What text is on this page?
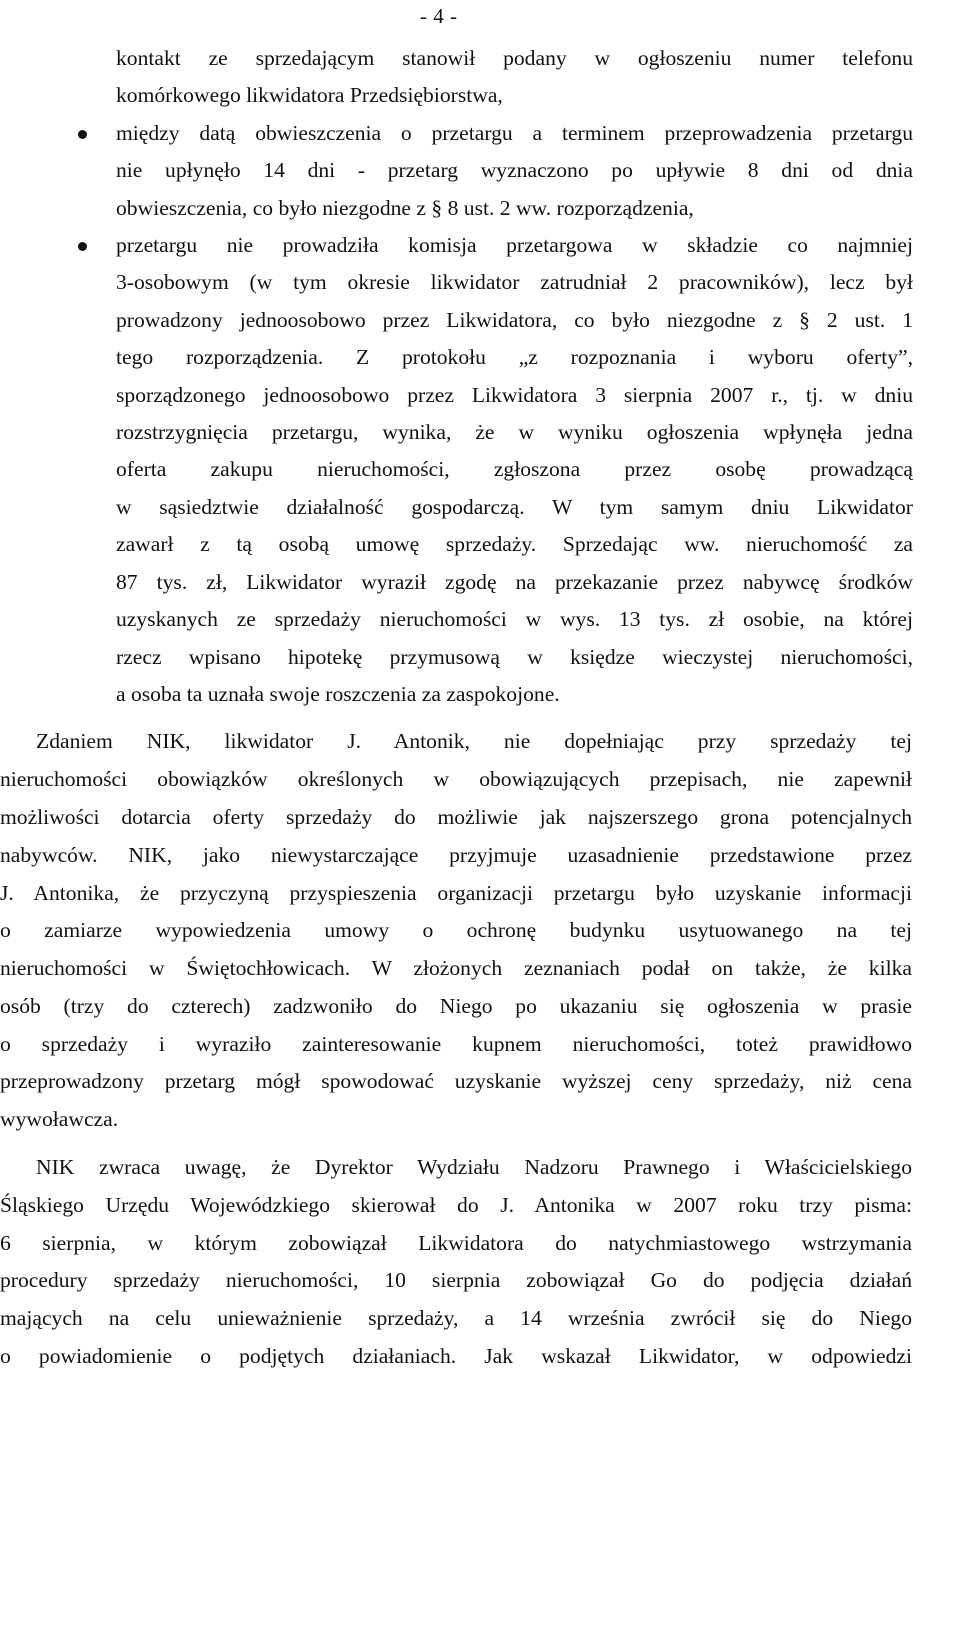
- 4 -
kontakt ze sprzedającym stanowił podany w ogłoszeniu numer telefonu
komórkowego likwidatora Przedsiębiorstwa,
między datą obwieszczenia o przetargu a terminem przeprowadzenia przetargu
nie upłynęło 14 dni - przetarg wyznaczono po upływie 8 dni od dnia
obwieszczenia, co było niezgodne z § 8 ust. 2 ww. rozporządzenia,
przetargu nie prowadziła komisja przetargowa w składzie co najmniej
3-osobowym (w tym okresie likwidator zatrudniał 2 pracowników), lecz był
prowadzony jednoosobowo przez Likwidatora, co było niezgodne z § 2 ust. 1
tego rozporządzenia. Z protokołu „z rozpoznania i wyboru oferty”,
sporządzonego jednoosobowo przez Likwidatora 3 sierpnia 2007 r., tj. w dniu
rozstrzygnięcia przetargu, wynika, że w wyniku ogłoszenia wpłynęła jedna
oferta zakupu nieruchomości, zgłoszona przez osobę prowadzącą
w sąsiedztwie działalność gospodarczą. W tym samym dniu Likwidator
zawarł z tą osobą umowę sprzedaży. Sprzedając ww. nieruchomość za
87 tys. zł, Likwidator wyraził zgodę na przekazanie przez nabywcę środków
uzyskanych ze sprzedaży nieruchomości w wys. 13 tys. zł osobie, na której
rzecz wpisano hipotekę przymusową w księdze wieczystej nieruchomości,
a osoba ta uznała swoje roszczenia za zaspokojone.
Zdaniem NIK, likwidator J. Antonik, nie dopełniając przy sprzedaży tej
nieruchomości obowiązków określonych w obowiązujących przepisach, nie zapewnił
możliwości dotarcia oferty sprzedaży do możliwie jak najszerszego grona potencjalnych
nabywców. NIK, jako niewystarczające przyjmuje uzasadnienie przedstawione przez
J. Antonika, że przyczyną przyspieszenia organizacji przetargu było uzyskanie informacji
o zamiarze wypowiedzenia umowy o ochronę budynku usytuowanego na tej
nieruchomości w Świętochłowicach. W złożonych zeznaniach podał on także, że kilka
osób (trzy do czterech) zadzwoniło do Niego po ukazaniu się ogłoszenia w prasie
o sprzedaży i wyraziło zainteresowanie kupnem nieruchomości, toteż prawidłowo
przeprowadzony przetarg mógł spowodować uzyskanie wyższej ceny sprzedaży, niż cena
wywoławcza.
NIK zwraca uwagę, że Dyrektor Wydziału Nadzoru Prawnego i Właścicielskiego
Śląskiego Urzędu Wojewódzkiego skierował do J. Antonika w 2007 roku trzy pisma:
6 sierpnia, w którym zobowiązał Likwidatora do natychmiastowego wstrzymania
procedury sprzedaży nieruchomości, 10 sierpnia zobowiązał Go do podjęcia działań
mających na celu unieważnienie sprzedaży, a 14 września zwrócił się do Niego
o powiadomienie o podjętych działaniach. Jak wskazał Likwidator, w odpowiedzi
